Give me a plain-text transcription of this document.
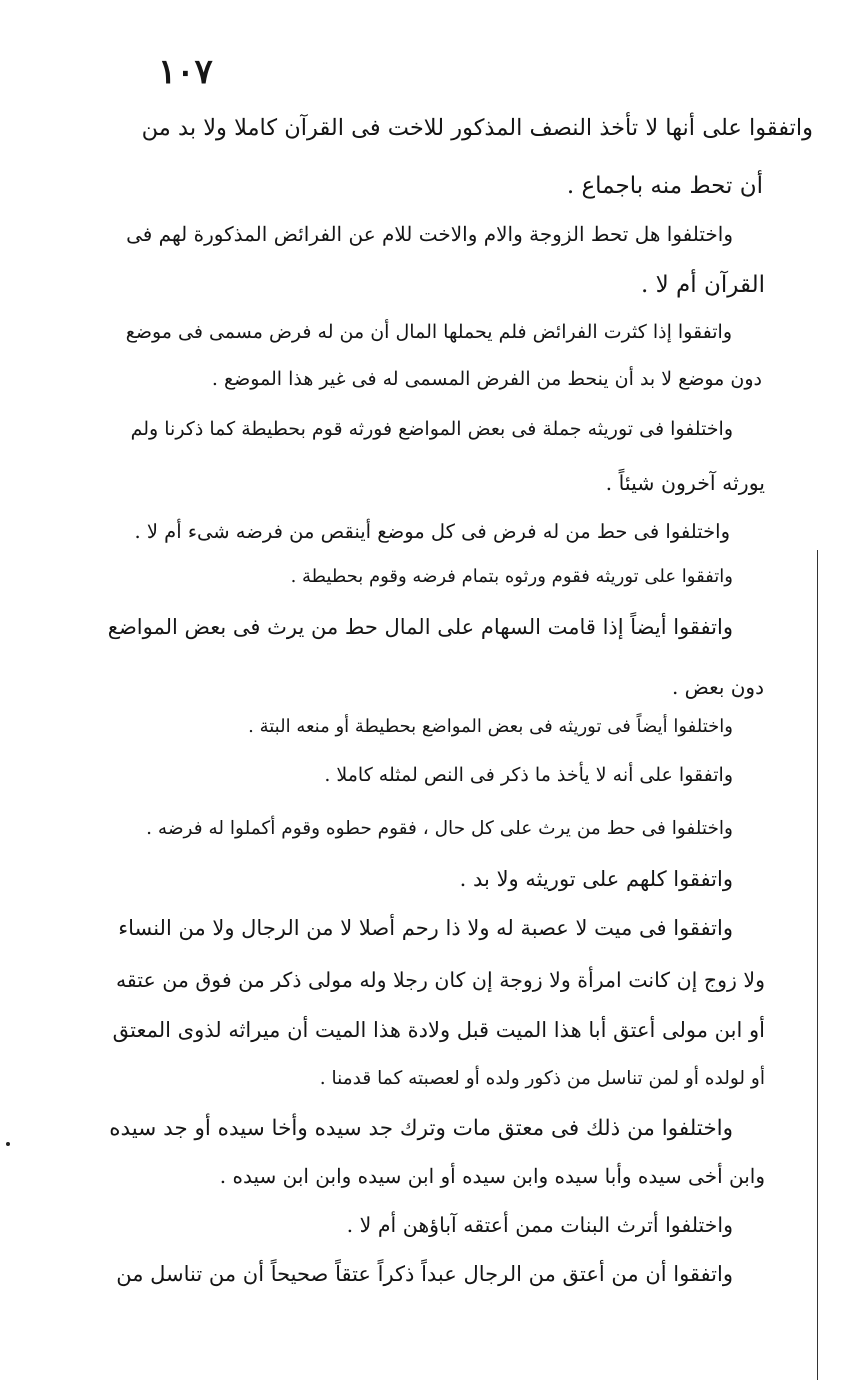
١٠٧
واتفقوا على أنها لا تأخذ النصف المذكور للاخت فى القرآن كاملا ولا بد من
أن تحط منه باجماع .
واختلفوا هل تحط الزوجة والام والاخت للام عن الفرائض المذكورة لهم فى
القرآن أم لا .
واتفقوا إذا كثرت الفرائض فلم يحملها المال أن من له فرض مسمى فى موضع
دون موضع لا بد أن ينحط من الفرض المسمى له فى غير هذا الموضع .
واختلفوا فى توريثه جملة فى بعض المواضع فورثه قوم بحطيطة كما ذكرنا ولم
يورثه آخرون شيئاً .
واختلفوا فى حط من له فرض فى كل موضع أينقص من فرضه شىء أم لا .
واتفقوا على توريثه فقوم ورثوه بتمام فرضه وقوم بحطيطة .
واتفقوا أيضاً إذا قامت السهام على المال حط من يرث فى بعض المواضع
دون بعض .
واختلفوا أيضاً فى توريثه فى بعض المواضع بحطيطة أو منعه البتة .
واتفقوا على أنه لا يأخذ ما ذكر فى النص لمثله كاملا .
واختلفوا فى حط من يرث على كل حال ، فقوم حطوه وقوم أكملوا له فرضه .
واتفقوا كلهم على توريثه ولا بد .
واتفقوا فى ميت لا عصبة له ولا ذا رحم أصلا لا من الرجال ولا من النساء
ولا زوج إن كانت امرأة ولا زوجة إن كان رجلا وله مولى ذكر من فوق من عتقه
أو ابن مولى أعتق أبا هذا الميت قبل ولادة هذا الميت أن ميراثه لذوى المعتق
أو لولده أو لمن تناسل من ذكور ولده أو لعصبته كما قدمنا .
واختلفوا من ذلك فى معتق مات وترك جد سيده وأخا سيده أو جد سيده
وابن أخى سيده وأبا سيده وابن سيده أو ابن سيده وابن ابن سيده .
واختلفوا أترث البنات ممن أعتقه آباؤهن أم لا .
واتفقوا أن من أعتق من الرجال عبداً ذكراً عتقاً صحيحاً أن من تناسل من
